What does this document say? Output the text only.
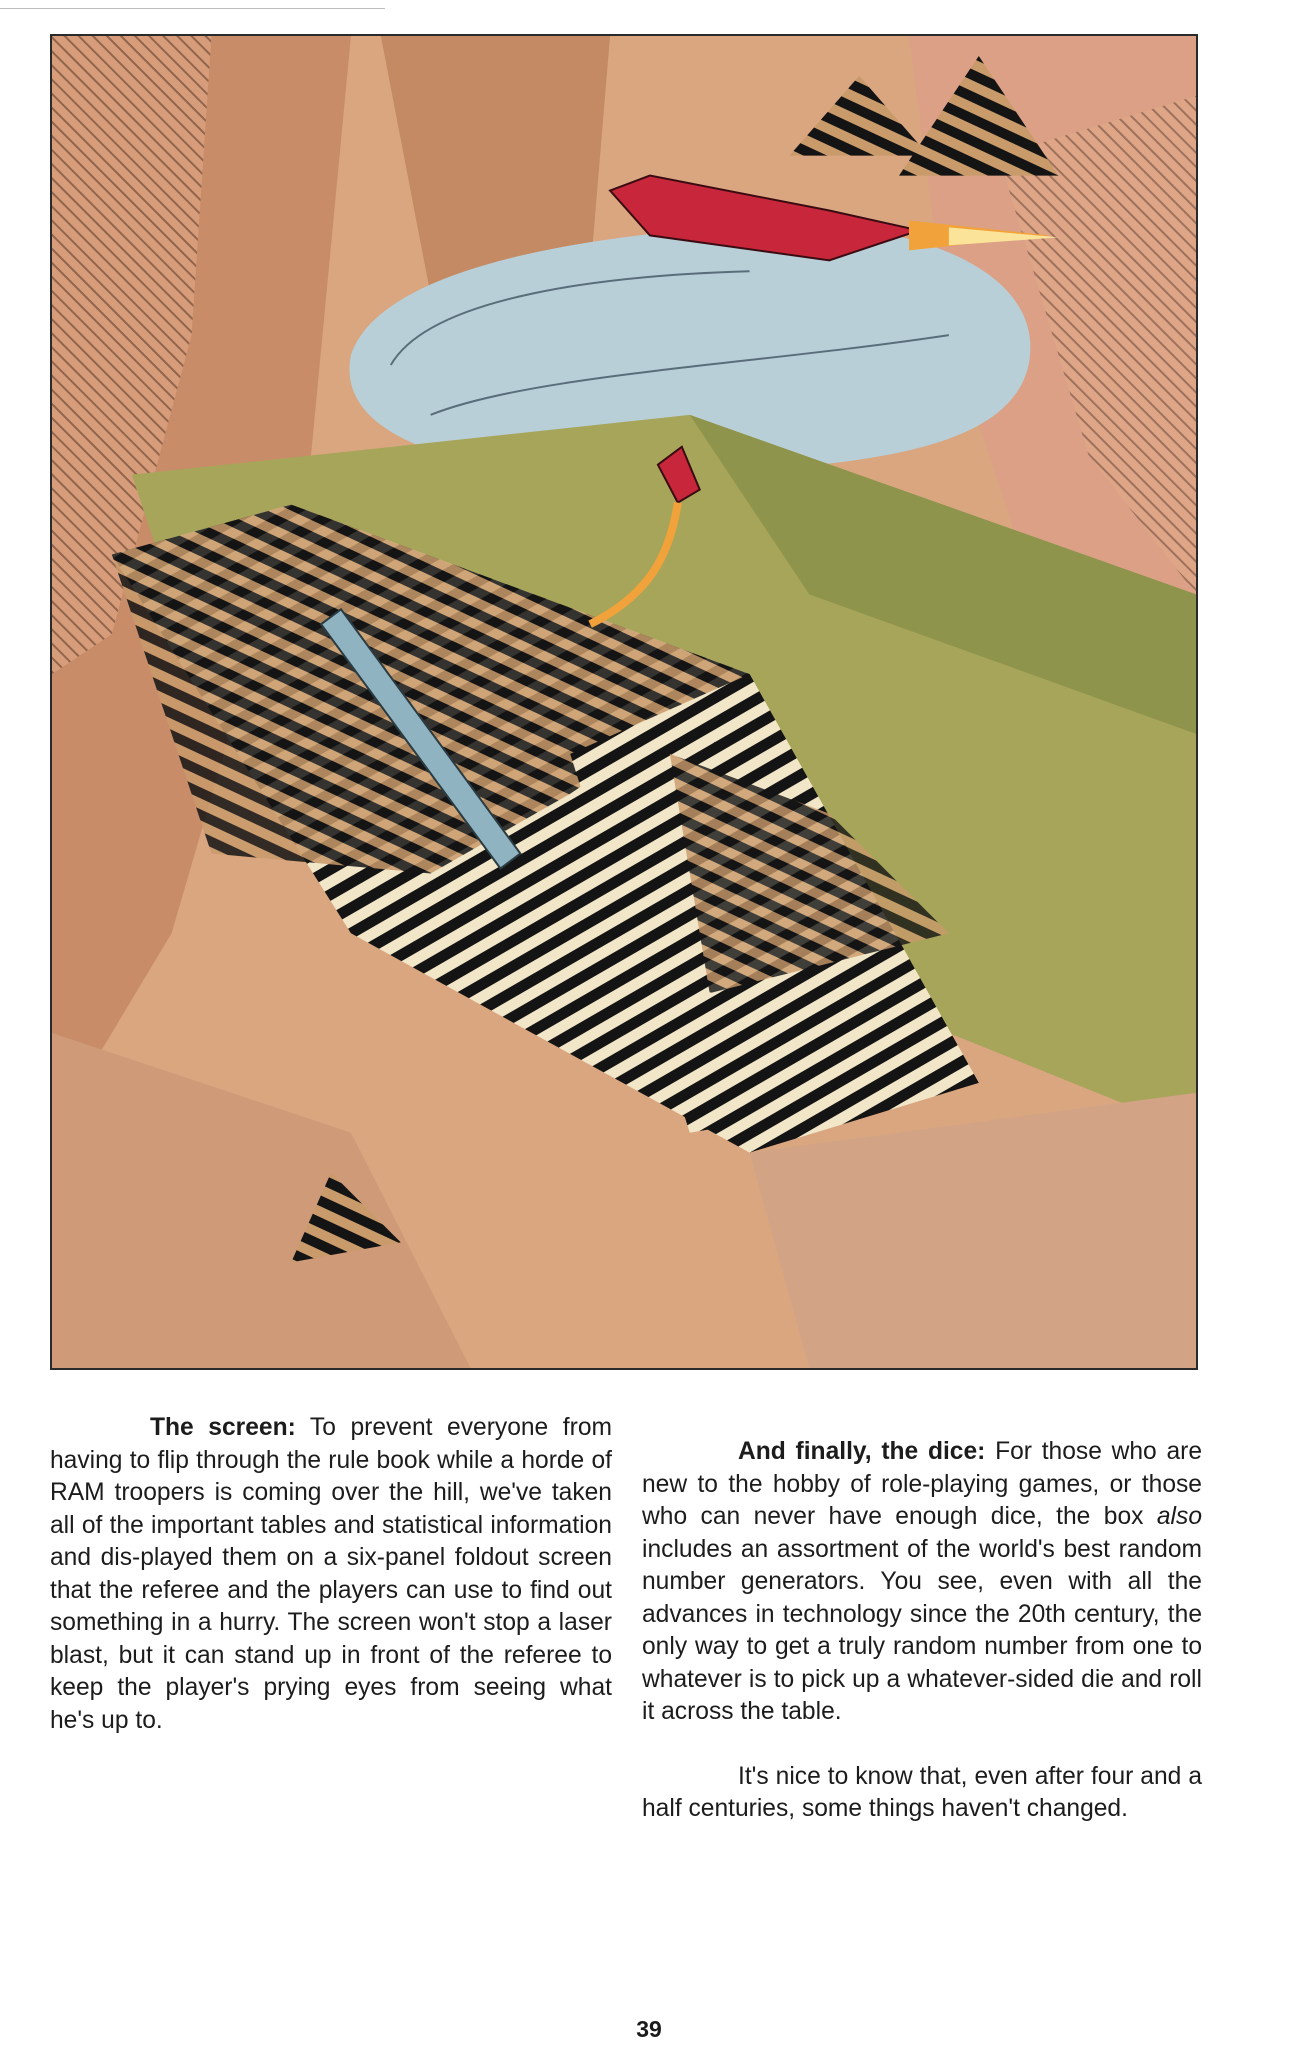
The screen: To prevent everyone from having to flip through the rule book while a horde of RAM troopers is coming over the hill, we've taken all of the important tables and statistical information and dis-played them on a six-panel foldout screen that the referee and the players can use to find out something in a hurry. The screen won't stop a laser blast, but it can stand up in front of the referee to keep the player's prying eyes from seeing what he's up to.

And finally, the dice: For those who are new to the hobby of role-playing games, or those who can never have enough dice, the box also includes an assortment of the world's best random number generators. You see, even with all the advances in technology since the 20th century, the only way to get a truly random number from one to whatever is to pick up a whatever-sided die and roll it across the table.

It's nice to know that, even after four and a half centuries, some things haven't changed.

39
